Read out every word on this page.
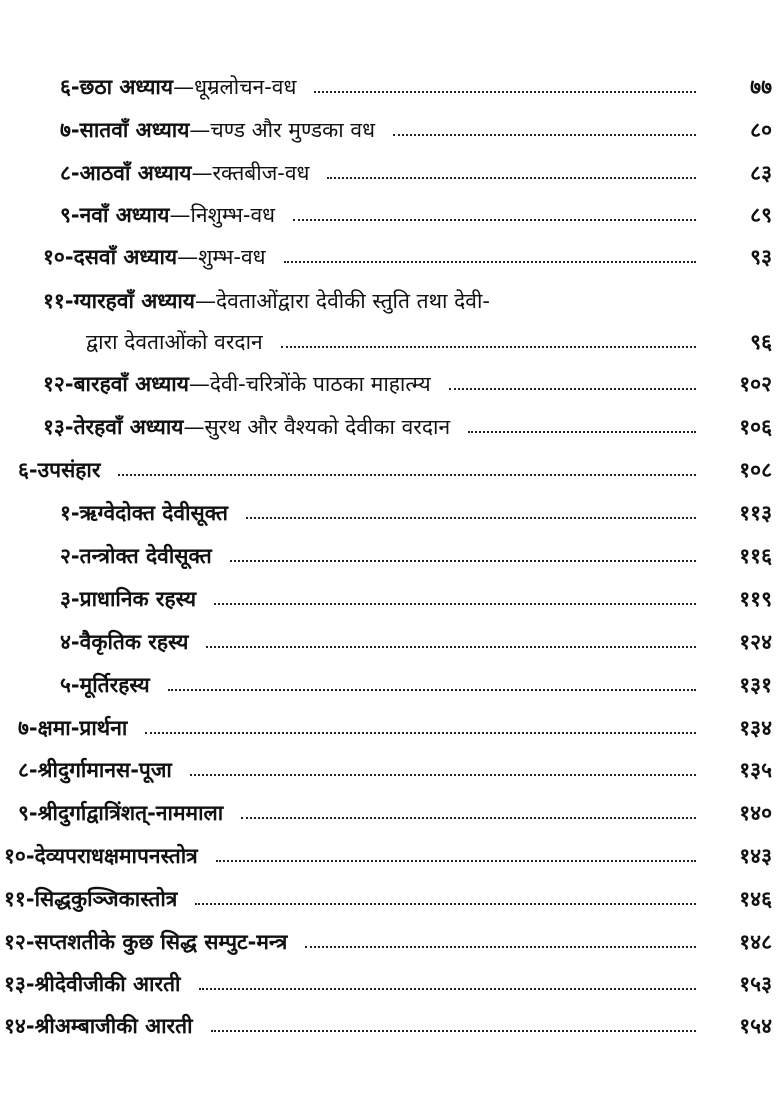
६-छठा अध्याय—धूम्रलोचन-वध	७७
७-सातवाँ अध्याय—चण्ड और मुण्डका वध	८०
८-आठवाँ अध्याय—रक्तबीज-वध	८३
९-नवाँ अध्याय—निशुम्भ-वध	८९
१०-दसवाँ अध्याय—शुम्भ-वध	९३
११- ग्यारहवाँ अध्याय —देवताओंद्वारा देवीकी स्तुति तथा देवी-
द्वारा देवताओंको वरदान	९६
१२-बारहवाँ अध्याय—देवी-चरित्रोंके पाठका माहात्म्य	१०२
१३-तेरहवाँ अध्याय—सुरथ और वैश्यको देवीका वरदान	१०६
६-उपसंहार	१०८
१-ऋग्वेदोक्त देवीसूक्त	११३
२-तन्त्रोक्त देवीसूक्त	११६
३-प्राधानिक रहस्य	११९
४-वैकृतिक रहस्य	१२४
५-मूर्तिरहस्य	१३१
७-क्षमा-प्रार्थना	१३४
८-श्रीदुर्गामानस-पूजा	१३५
९-श्रीदुर्गाद्वात्रिंशत्-नाममाला	१४०
१०-देव्यपराधक्षमापनस्तोत्र	१४३
११-सिद्धकुञ्जिकास्तोत्र	१४६
१२-सप्तशतीके कुछ सिद्ध सम्पुट-मन्त्र	१४८
१३-श्रीदेवीजीकी आरती	१५३
१४-श्रीअम्बाजीकी आरती	१५४
